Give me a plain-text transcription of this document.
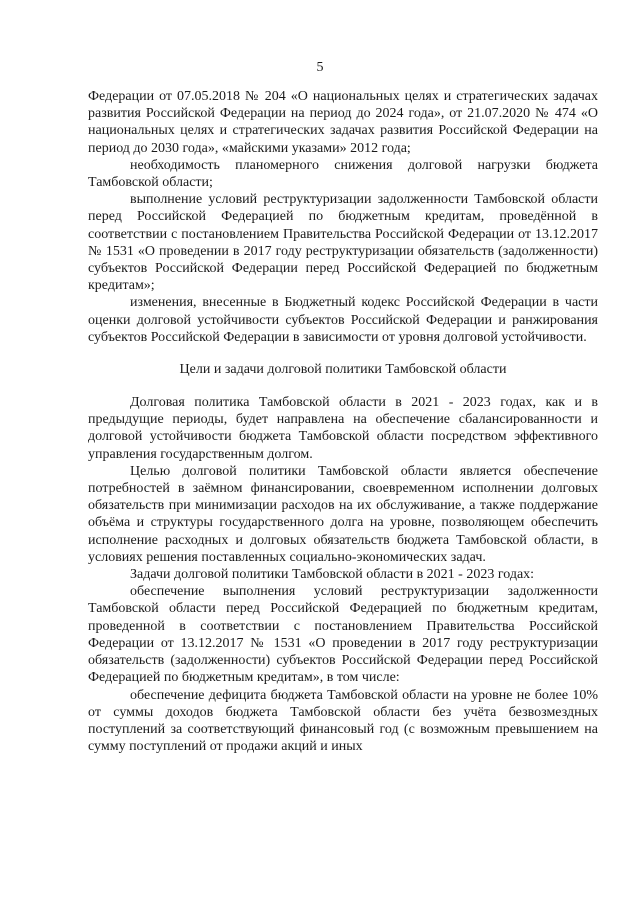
5

Федерации от 07.05.2018 № 204 «О национальных целях и стратегических задачах развития Российской Федерации на период до 2024 года», от 21.07.2020 № 474 «О национальных целях и стратегических задачах развития Российской Федерации на период до 2030 года», «майскими указами» 2012 года;

необходимость планомерного снижения долговой нагрузки бюджета Тамбовской области;

выполнение условий реструктуризации задолженности Тамбовской области перед Российской Федерацией по бюджетным кредитам, проведённой в соответствии с постановлением Правительства Российской Федерации от 13.12.2017 № 1531 «О проведении в 2017 году реструктуризации обязательств (задолженности) субъектов Российской Федерации перед Российской Федерацией по бюджетным кредитам»;

изменения, внесенные в Бюджетный кодекс Российской Федерации в части оценки долговой устойчивости субъектов Российской Федерации и ранжирования субъектов Российской Федерации в зависимости от уровня долговой устойчивости.

Цели и задачи долговой политики Тамбовской области

Долговая политика Тамбовской области в 2021 - 2023 годах, как и в предыдущие периоды, будет направлена на обеспечение сбалансированности и долговой устойчивости бюджета Тамбовской области посредством эффективного управления государственным долгом.

Целью долговой политики Тамбовской области является обеспечение потребностей в заёмном финансировании, своевременном исполнении долговых обязательств при минимизации расходов на их обслуживание, а также поддержание объёма и структуры государственного долга на уровне, позволяющем обеспечить исполнение расходных и долговых обязательств бюджета Тамбовской области, в условиях решения поставленных социально-экономических задач.

Задачи долговой политики Тамбовской области в 2021 - 2023 годах:

обеспечение выполнения условий реструктуризации задолженности Тамбовской области перед Российской Федерацией по бюджетным кредитам, проведенной в соответствии с постановлением Правительства Российской Федерации от 13.12.2017 № 1531 «О проведении в 2017 году реструктуризации обязательств (задолженности) субъектов Российской Федерации перед Российской Федерацией по бюджетным кредитам», в том числе:

обеспечение дефицита бюджета Тамбовской области на уровне не более 10% от суммы доходов бюджета Тамбовской области без учёта безвозмездных поступлений за соответствующий финансовый год (с возможным превышением на сумму поступлений от продажи акций и иных
